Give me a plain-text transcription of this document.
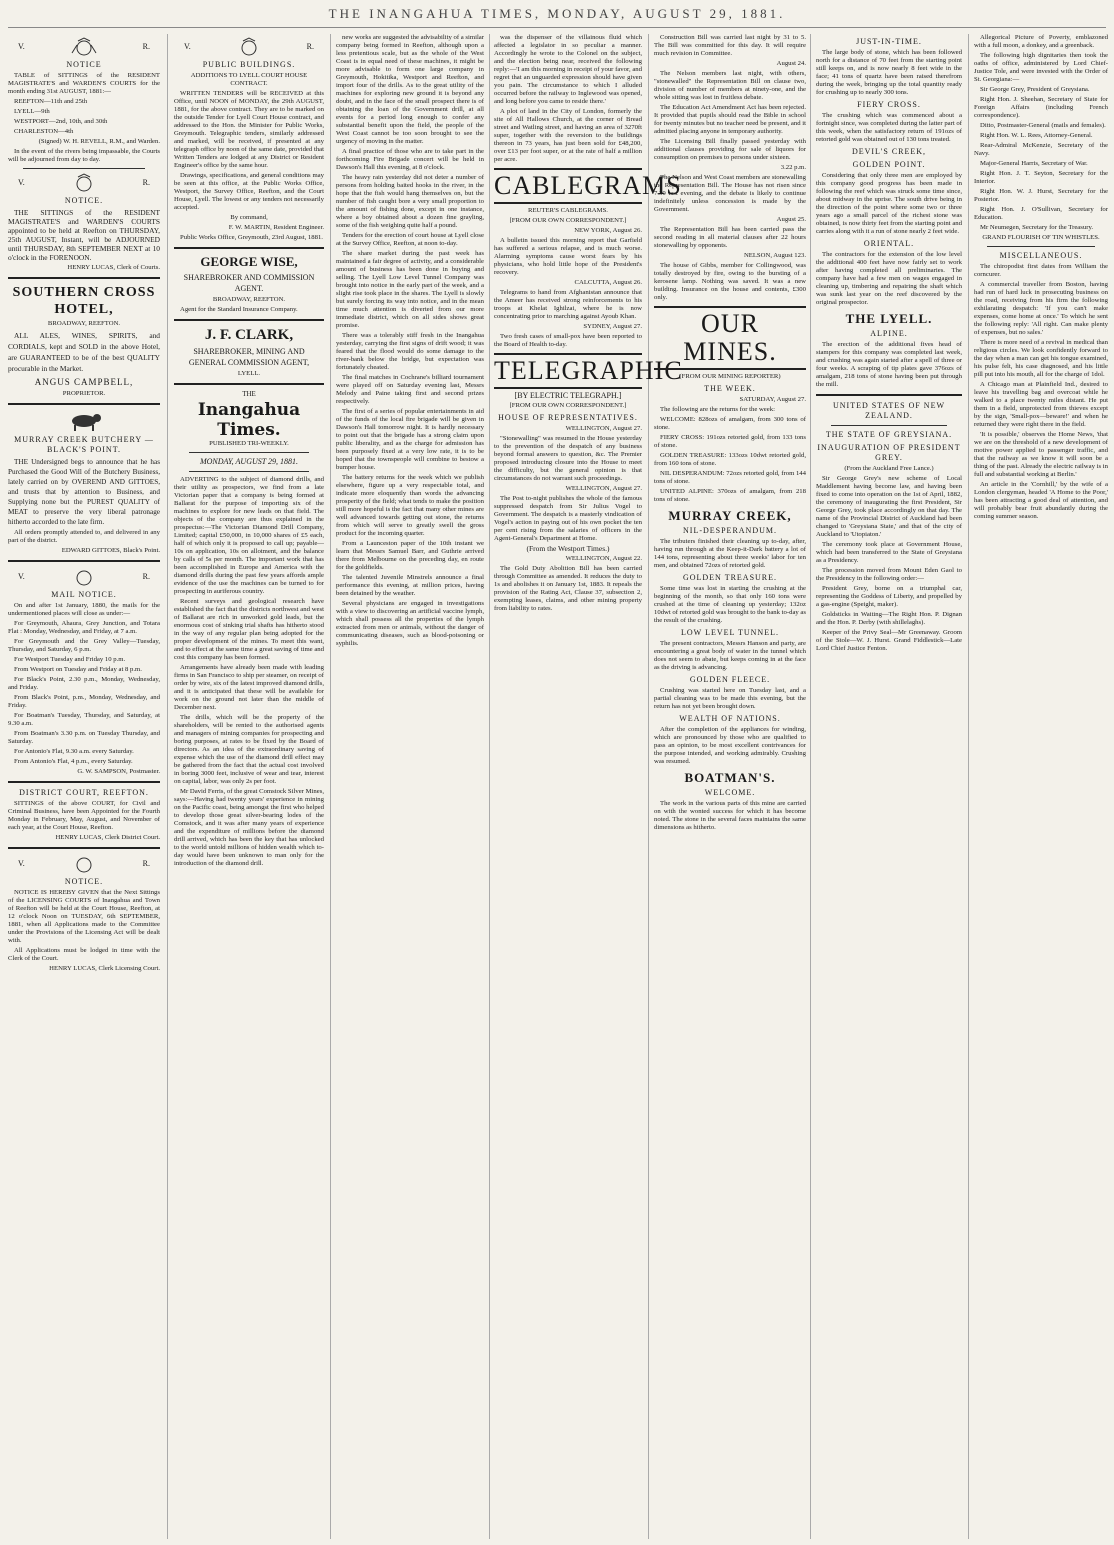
THE INANGAHUA TIMES, MONDAY, AUGUST 29, 1881.
V.	R.
NOTICE

TABLE of SITTINGS of the RESIDENT MAGISTRATE'S and WARDEN'S COURTS for the month ending 31st AUGUST, 1881:—

REEFTON—11th and 25th

LYELL—9th

WESTPORT—2nd, 10th, and 30th

CHARLESTON—4th

(Signed) W. H. REVELL, R.M., and Warden.

In the event of the rivers being impassable, the Courts will be adjourned from day to day.

V.	R.
NOTICE.

THE SITTINGS of the RESIDENT MAGISTRATE'S and WARDEN'S COURTS appointed to be held at Reefton on THURSDAY, 25th AUGUST, Instant, will be ADJOURNED until THURSDAY, 8th SEPTEMBER NEXT at 10 o'clock in the FORENOON.

HENRY LUCAS, Clerk of Courts.

SOUTHERN CROSS HOTEL,

BROADWAY, REEFTON.

ALL ALES, WINES, SPIRITS, and CORDIALS, kept and SOLD in the above Hotel, are GUARANTEED to be of the best QUALITY procurable in the Market.

ANGUS CAMPBELL,

PROPRIETOR.

MURRAY CREEK BUTCHERY — BLACK'S POINT.

THE Undersigned begs to announce that he has Purchased the Good Will of the Butchery Business, lately carried on by OVEREND AND GITTOES, and trusts that by attention to Business, and Supplying none but the PUREST QUALITY of MEAT to preserve the very liberal patronage hitherto accorded to the late firm.

All orders promptly attended to, and delivered in any part of the district.

EDWARD GITTOES, Black's Point.

V.	R.
MAIL NOTICE.

On and after 1st January, 1880, the mails for the undermentioned places will close as under:—

For Greymouth, Ahaura, Grey Junction, and Totara Flat : Monday, Wednesday, and Friday, at 7 a.m.

For Greymouth and the Grey Valley—Tuesday, Thursday, and Saturday, 6 p.m.

For Westport Tuesday and Friday 10 p.m.

From Westport on Tuesday and Friday at 8 p.m.

For Black's Point, 2.30 p.m., Monday, Wednesday, and Friday.

From Black's Point, p.m., Monday, Wednesday, and Friday.

For Boatman's Tuesday, Thursday, and Saturday, at 9.30 a.m.

From Boatman's 3.30 p.m. on Tuesday Thursday, and Saturday.

For Antonio's Flat, 9.30 a.m. every Saturday.

From Antonio's Flat, 4 p.m., every Saturday.

G. W. SAMPSON, Postmaster.

DISTRICT COURT, REEFTON.

SITTINGS of the above COURT, for Civil and Criminal Business, have been Appointed for the Fourth Monday in February, May, August, and November of each year, at the Court House, Reefton.

HENRY LUCAS, Clerk District Court.

V.	R.
NOTICE.

NOTICE IS HEREBY GIVEN that the Next Sittings of the LICENSING COURTS of Inangahua and Town of Reefton will be held at the Court House, Reefton, at 12 o'clock Noon on TUESDAY, 6th SEPTEMBER, 1881, when all Applications made to the Committee under the Provisions of the Licensing Act will be dealt with.

All Applications must be lodged in time with the Clerk of the Court.

HENRY LUCAS, Clerk Licensing Court.

V.	R.
PUBLIC BUILDINGS.

ADDITIONS TO LYELL COURT HOUSE CONTRACT.

WRITTEN TENDERS will be RECEIVED at this Office, until NOON of MONDAY, the 29th AUGUST, 1881, for the above contract. They are to be marked on the outside Tender for Lyell Court House contract, and addressed to the Hon. the Minister for Public Works, Greymouth. Telegraphic tenders, similarly addressed and marked, will be received, if presented at any telegraph office by noon of the same date, provided that Written Tenders are lodged at any District or Resident Engineer's office by the same hour.

Drawings, specifications, and general conditions may be seen at this office, at the Public Works Office, Westport, the Survey Office, Reefton, and the Court House, Lyell. The lowest or any tenders not necessarily accepted.

By command,

F. W. MARTIN, Resident Engineer.

Public Works Office, Greymouth, 23rd August, 1881.

GEORGE WISE,

SHAREBROKER AND COMMISSION AGENT.

BROADWAY, REEFTON.

Agent for the Standard Insurance Company.

J. F. CLARK,

SHAREBROKER, MINING AND GENERAL COMMISSION AGENT,

LYELL.

THE

Inangahua Times.

PUBLISHED TRI-WEEKLY.

MONDAY, AUGUST 29, 1881.

ADVERTING to the subject of diamond drills, and their utility as prospectors, we find from a late Victorian paper that a company is being formed at Ballarat for the purpose of importing six of the machines to explore for new leads on that field. The objects of the company are thus explained in the prospectus:—The Victorian Diamond Drill Company, Limited; capital £50,000, in 10,000 shares of £5 each, half of which only it is proposed to call up; payable—10s on application, 10s on allotment, and the balance by calls of 5s per month. The important work that has been accomplished in Europe and America with the diamond drills during the past few years affords ample evidence of the use the machines can be turned to for prospecting in auriferous country.

Recent surveys and geological research have established the fact that the districts northwest and west of Ballarat are rich in unworked gold leads, but the enormous cost of sinking trial shafts has hitherto stood in the way of any regular plan being adopted for the proper development of the mines. To meet this want, and to effect at the same time a great saving of time and cost this company has been formed.

Arrangements have already been made with leading firms in San Francisco to ship per steamer, on receipt of order by wire, six of the latest improved diamond drills, and it is anticipated that these will be available for work on the ground not later than the middle of December next.

The drills, which will be the property of the shareholders, will be rented to the authorised agents and managers of mining companies for prospecting and boring purposes, at rates to be fixed by the Board of directors. As an idea of the extraordinary saving of expense which the use of the diamond drill effect may be gathered from the fact that the actual cost involved in boring 3000 feet, inclusive of wear and tear, interest on capital, labor, was only 2s per foot.

Mr David Ferris, of the great Comstock Silver Mines, says:—Having had twenty years' experience in mining on the Pacific coast, being amongst the first who helped to develop those great silver-bearing lodes of the Comstock, and it was after many years of experience and the expenditure of millions before the diamond drill arrived, which has been the key that has unlocked to the world untold millions of hidden wealth which to-day would have been unknown to man only for the introduction of the diamond drill.

new works are suggested the advisability of a similar company being formed in Reefton, although upon a less pretentious scale, but as the whole of the West Coast is in equal need of these machines, it might be more advisable to form one large company in Greymouth, Hokitika, Westport and Reefton, and import four of the drills. As to the great utility of the machines for exploring new ground it is beyond any doubt, and in the face of the small prospect there is of obtaining the loan of the Government drill, at all events for a period long enough to confer any substantial benefit upon the field, the people of the West Coast cannot be too soon brought to see the urgency of moving in the matter.

A final practice of those who are to take part in the forthcoming Fire Brigade concert will be held in Dawson's Hall this evening, at 8 o'clock.

The heavy rain yesterday did not deter a number of persons from holding baited hooks in the river, in the hope that the fish would hang themselves on, but the number of fish caught bore a very small proportion to the amount of fishing done, except in one instance, where a boy obtained about a dozen fine grayling, some of the fish weighing quite half a pound.

Tenders for the erection of court house at Lyell close at the Survey Office, Reefton, at noon to-day.

The share market during the past week has maintained a fair degree of activity, and a considerable amount of business has been done in buying and selling. The Lyell Low Level Tunnel Company was brought into notice in the early part of the week, and a slight rise took place in the shares. The Lyell is slowly but surely forcing its way into notice, and in the mean time much attention is diverted from our more immediate district, which on all sides shows great promise.

There was a tolerably stiff fresh in the Inangahua yesterday, carrying the first signs of drift wood; it was feared that the flood would do some damage to the river-bank below the bridge, but expectation was fortunately cheated.

The final matches in Cochrane's billiard tournament were played off on Saturday evening last, Messrs Melody and Paine taking first and second prizes respectively.

The first of a series of popular entertainments in aid of the funds of the local fire brigade will be given in Dawson's Hall tomorrow night. It is hardly necessary to point out that the brigade has a strong claim upon public liberality, and as the charge for admission has been purposely fixed at a very low rate, it is to be hoped that the townspeople will combine to bestow a bumper house.

The battery returns for the week which we publish elsewhere, figure up a very respectable total, and indicate more eloquently than words the advancing prosperity of the field; what tends to make the position still more hopeful is the fact that many other mines are well advanced towards getting out stone, the returns from which will serve to greatly swell the gross product for the incoming quarter.

From a Launceston paper of the 10th instant we learn that Messrs Samuel Barr, and Guthrie arrived there from Melbourne on the preceding day, en route for the goldfields.

The talented Juvenile Minstrels announce a final performance this evening, at million prices, having been detained by the weather.

Several physicians are engaged in investigations with a view to discovering an artificial vaccine lymph, which shall possess all the properties of the lymph extracted from men or animals, without the danger of communicating diseases, such as blood-poisoning or syphilis.

was the dispenser of the villainous fluid which affected a legislator in so peculiar a manner. Accordingly he wrote to the Colonel on the subject, and the election being near, received the following reply:—'I am this morning in receipt of your favor, and regret that an unguarded expression should have given you pain. The circumstance to which I alluded occurred before the railway to Inglewood was opened, and long before you came to reside there.'

A plot of land in the City of London, formerly the site of All Hallows Church, at the corner of Bread street and Watling street, and having an area of 3270ft super, together with the reversion to the buildings thereon in 73 years, has just been sold for £48,200, over £13 per foot super, or at the rate of half a million per acre.

CABLEGRAMS

REUTER'S CABLEGRAMS.

[FROM OUR OWN CORRESPONDENT.]

NEW YORK, August 26.

A bulletin issued this morning report that Garfield has suffered a serious relapse, and is much worse. Alarming symptoms cause worst fears by his physicians, who hold little hope of the President's recovery.

CALCUTTA, August 26.

Telegrams to hand from Afghanistan announce that the Ameer has received strong reinforcements to his troops at Khelat Ighilzai, where he is now concentrating prior to marching against Ayoub Khan.

SYDNEY, August 27.

Two fresh cases of small-pox have been reported to the Board of Health to-day.

TELEGRAPHIC

[BY ELECTRIC TELEGRAPH.]

[FROM OUR OWN CORRESPONDENT.]

HOUSE OF REPRESENTATIVES.

WELLINGTON, August 27.

"Stonewalling" was resumed in the House yesterday to the prevention of the despatch of any business beyond formal answers to question, &c. The Premier proposed introducing closure into the House to meet the difficulty, but the general opinion is that circumstances do not warrant such proceedings.

WELLINGTON, August 27.

The Post to-night publishes the whole of the famous suppressed despatch from Sir Julius Vogel to Government. The despatch is a masterly vindication of Vogel's action in paying out of his own pocket the ten per cent rising from the salaries of officers in the Agent-General's Department at Home.

(From the Westport Times.)

WELLINGTON, August 22.

The Gold Duty Abolition Bill has been carried through Committee as amended. It reduces the duty to 1s and abolishes it on January 1st, 1883. It repeals the provision of the Rating Act, Clause 37, subsection 2, exempting leases, claims, and other mining property from liability to rates.

Construction Bill was carried last night by 31 to 5. The Bill was committed for this day. It will require much revision in Committee.

August 24.

The Nelson members last night, with others, "stonewalled" the Representation Bill on clause two, division of number of members at ninety-one, and the whole sitting was lost in fruitless debate.

The Education Act Amendment Act has been rejected. It provided that pupils should read the Bible in school for twenty minutes but no teacher need be present, and it admitted placing anyone in temporary authority.

The Licensing Bill finally passed yesterday with additional clauses providing for sale of liquors for consumption on premises to persons under sixteen.

3.22 p.m.

The Nelson and West Coast members are stonewalling the Representation Bill. The House has not risen since 7.30 last evening, and the debate is likely to continue indefinitely unless concession is made by the Government.

August 25.

The Representation Bill has been carried pass the second reading in all material clauses after 22 hours stonewalling by opponents.

NELSON, August 123.

The house of Gibbs, member for Collingwood, was totally destroyed by fire, owing to the bursting of a kerosene lamp. Nothing was saved. It was a new building. Insurance on the house and contents, £300 only.

OUR MINES.

(FROM OUR MINING REPORTER)

THE WEEK.

SATURDAY, August 27.

The following are the returns for the week:

WELCOME: 828ozs of amalgam, from 300 tons of stone.

FIERY CROSS: 191ozs retorted gold, from 133 tons of stone.

GOLDEN TREASURE: 133ozs 10dwt retorted gold, from 160 tons of stone.

NIL DESPERANDUM: 72ozs retorted gold, from 144 tons of stone.

UNITED ALPINE: 370ozs of amalgam, from 218 tons of stone.

MURRAY CREEK,
NIL-DESPERANDUM.

The tributers finished their cleaning up to-day, after, having run through at the Keep-it-Dark battery a lot of 144 tons, representing about three weeks' labor for ten men, and obtained 72ozs of retorted gold.

GOLDEN TREASURE.

Some time was lost in starting the crushing at the beginning of the month, so that only 160 tons were crushed at the time of cleaning up yesterday; 132oz 10dwt of retorted gold was brought to the bank to-day as the result of the crushing.

LOW LEVEL TUNNEL.

The present contractors, Messrs Hanson and party, are encountering a great body of water in the tunnel which does not seem to abate, but keeps coming in at the face as the driving is advancing.

GOLDEN FLEECE.

Crushing was started here on Tuesday last, and a partial cleaning was to be made this evening, but the return has not yet been brought down.

WEALTH OF NATIONS.

After the completion of the appliances for winding, which are pronounced by those who are qualified to pass an opinion, to be most excellent contrivances for the purpose intended, and working admirably. Crushing was resumed.

BOATMAN'S.
WELCOME.

The work in the various parts of this mine are carried on with the wonted success for which it has become noted. The stone in the several faces maintains the same dimensions as hitherto.

JUST-IN-TIME.

The large body of stone, which has been followed north for a distance of 70 feet from the starting point still keeps on, and is now nearly 8 feet wide in the face; 41 tons of quartz have been raised therefrom during the week, bringing up the total quantity ready for crushing up to nearly 300 tons.

FIERY CROSS.

The crushing which was commenced about a fortnight since, was completed during the latter part of this week, when the satisfactory return of 191ozs of retorted gold was obtained out of 130 tons treated.

DEVIL'S CREEK,
GOLDEN POINT.

Considering that only three men are employed by this company good progress has been made in following the reef which was struck some time since, about midway in the uprise. The south drive being in the direction of the point where some two or three years ago a small parcel of the richest stone was obtained, is now thirty feet from the starting point and carries along with it a run of stone nearly 2 feet wide.

ORIENTAL.

The contractors for the extension of the low level the additional 400 feet have now fairly set to work after having completed all preliminaries. The company have had a few men on wages engaged in cleaning up, timbering and repairing the shaft which was sunk last year on the reef discovered by the original prospector.

THE LYELL.
ALPINE.

The erection of the additional fives head of stampers for this company was completed last week, and crushing was again started after a spell of three or four weeks. A scraping of tip plates gave 376ozs of amalgam, 218 tons of stone having been put through the mill.

UNITED STATES OF NEW ZEALAND.
THE STATE OF GREYSIANA.
INAUGURATION OF PRESIDENT GREY.

(From the Auckland Free Lance.)

Sir George Grey's new scheme of Local Maddlement having become law, and having been fixed to come into operation on the 1st of April, 1882, the ceremony of inaugurating the first President, Sir George Grey, took place accordingly on that day. The name of the Provincial District of Auckland had been changed to 'Greysiana State,' and that of the city of Auckland to 'Utopiaton.'

The ceremony took place at Government House, which had been transferred to the State of Greysiana as a Presidency.

The procession moved from Mount Eden Gaol to the Presidency in the following order:—

President Grey, borne on a triumphal car, representing the Goddess of Liberty, and propelled by a gas-engine (Speight, maker).

Goldsticks in Waiting—The Right Hon. P. Dignan and the Hon. P. Derby (with shillelaghs).

Keeper of the Privy Seal—Mr Greenaway. Groom of the Stole—W. J. Hurst. Grand Fiddlestick—Late Lord Chief Justice Fenton.

Allegorical Picture of Poverty, emblazoned with a full moon, a donkey, and a greenback.

The following high dignitaries then took the oaths of office, administered by Lord Chief-Justice Tole, and were invested with the Order of St. Georgiana:—

Sir George Grey, President of Greysiana.

Right Hon. J. Sheehan, Secretary of State for Foreign Affairs (including French correspondence).

Ditto, Postmaster-General (mails and females).

Right Hon. W. L. Rees, Attorney-General.

Rear-Admiral McKenzie, Secretary of the Navy.

Major-General Harris, Secretary of War.

Right Hon. J. T. Seyton, Secretary for the Interior.

Right Hon. W. J. Hurst, Secretary for the Posterior.

Right Hon. J. O'Sullivan, Secretary for Education.

Mr Neumegen, Secretary for the Treasury.

GRAND FLOURISH OF TIN WHISTLES.

MISCELLANEOUS.

The chiropodist first dates from William the corncurer.

A commercial traveller from Boston, having had run of hard luck in prosecuting business on the road, receiving from his firm the following exhilarating despatch: 'If you can't make expenses, come home at once.' To which he sent the following reply: 'All right. Can make plenty of expenses, but no sales.'

There is more need of a revival in medical than religious circles. We look confidently forward to the day when a man can get his tongue examined, his pulse felt, his case diagnosed, and his little pill put into his mouth, all for the charge of 1dol.

A Chicago man at Plainfield Ind., desired to leave his travelling bag and overcoat while he walked to a place twenty miles distant. He put them in a field, unprotected from thieves except by the sign, 'Small-pox—beware!' and when he returned they were right there in the field.

'It is possible,' observes the Home News, 'that we are on the threshold of a new development of motive power applied to passenger traffic, and that the railway as we know it will soon be a thing of the past. Already the electric railway is in full and substantial working at Berlin.'

An article in the 'Cornhill,' by the wife of a London clergyman, headed 'A Home to the Poor,' has been attracting a good deal of attention, and will probably bear fruit abundantly during the coming summer season.
